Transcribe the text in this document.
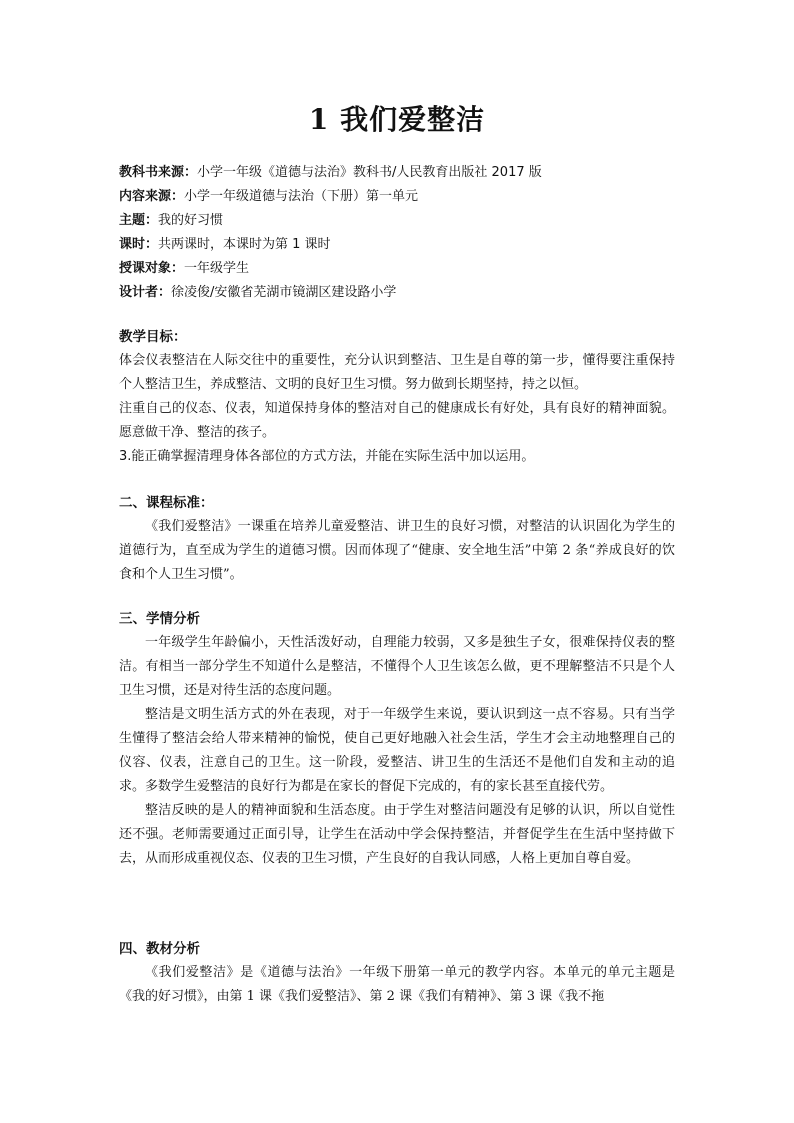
1 我们爱整洁
教科书来源：小学一年级《道德与法治》教科书/人民教育出版社 2017 版
内容来源：小学一年级道德与法治（下册）第一单元
主题：我的好习惯
课时：共两课时，本课时为第 1 课时
授课对象：一年级学生
设计者：徐凌俊/安徽省芜湖市镜湖区建设路小学
教学目标：

体会仪表整洁在人际交往中的重要性，充分认识到整洁、卫生是自尊的第一步，懂得要注重保持个人整洁卫生，养成整洁、文明的良好卫生习惯。努力做到长期坚持，持之以恒。

注重自己的仪态、仪表，知道保持身体的整洁对自己的健康成长有好处，具有良好的精神面貌。愿意做干净、整洁的孩子。

3.能正确掌握清理身体各部位的方式方法，并能在实际生活中加以运用。

二、课程标准：

《我们爱整洁》一课重在培养儿童爱整洁、讲卫生的良好习惯，对整洁的认识固化为学生的道德行为，直至成为学生的道德习惯。因而体现了“健康、安全地生活”中第 2 条“养成良好的饮食和个人卫生习惯”。

三、学情分析

一年级学生年龄偏小，天性活泼好动，自理能力较弱，又多是独生子女，很难保持仪表的整洁。有相当一部分学生不知道什么是整洁，不懂得个人卫生该怎么做，更不理解整洁不只是个人卫生习惯，还是对待生活的态度问题。

整洁是文明生活方式的外在表现，对于一年级学生来说，要认识到这一点不容易。只有当学生懂得了整洁会给人带来精神的愉悦，使自己更好地融入社会生活，学生才会主动地整理自己的仪容、仪表，注意自己的卫生。这一阶段，爱整洁、讲卫生的生活还不是他们自发和主动的追求。多数学生爱整洁的良好行为都是在家长的督促下完成的，有的家长甚至直接代劳。

整洁反映的是人的精神面貌和生活态度。由于学生对整洁问题没有足够的认识，所以自觉性还不强。老师需要通过正面引导，让学生在活动中学会保持整洁，并督促学生在生活中坚持做下去，从而形成重视仪态、仪表的卫生习惯，产生良好的自我认同感，人格上更加自尊自爱。

四、教材分析

《我们爱整洁》是《道德与法治》一年级下册第一单元的教学内容。本单元的单元主题是《我的好习惯》，由第 1 课《我们爱整洁》、第 2 课《我们有精神》、第 3 课《我不拖
